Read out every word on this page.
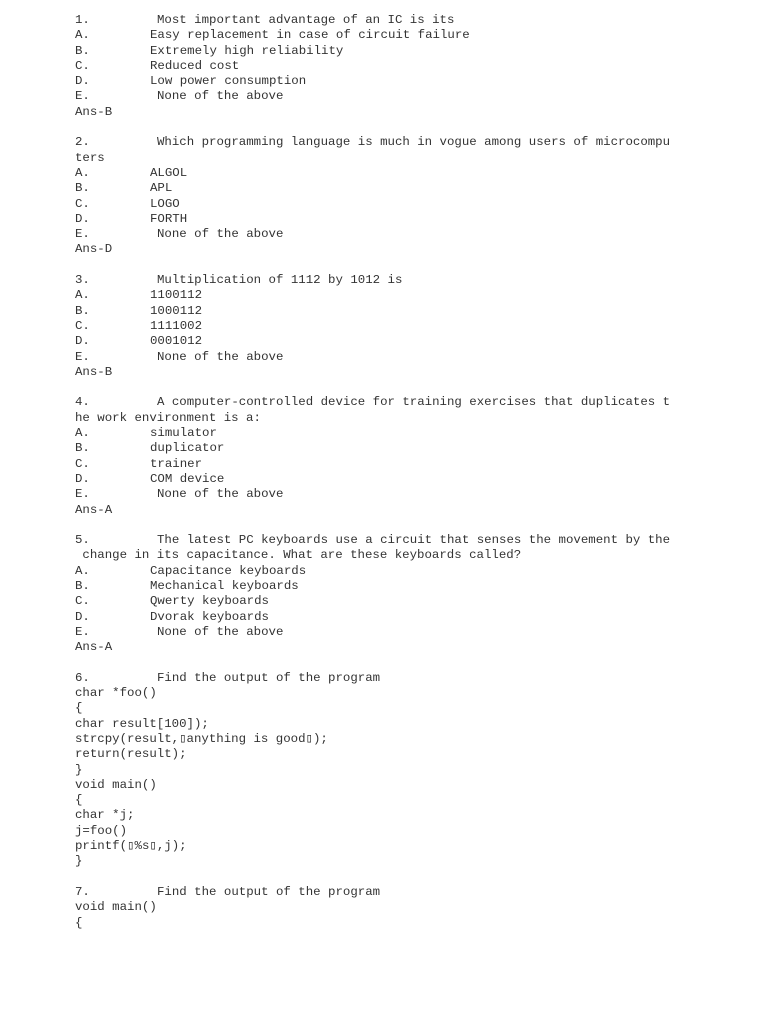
1.	Most important advantage of an IC is its
A.	Easy replacement in case of circuit failure
B.	Extremely high reliability
C.	Reduced cost
D.	Low power consumption
E.	None of the above
Ans-B
2.	Which programming language is much in vogue among users of microcompu
ters
A.	ALGOL
B.	APL
C.	LOGO
D.	FORTH
E.	None of the above
Ans-D
3.	Multiplication of 1112 by 1012 is
A.	1100112
B.	1000112
C.	1111002
D.	0001012
E.	None of the above
Ans-B
4.	A computer-controlled device for training exercises that duplicates t
he work environment is a:
A.	simulator
B.	duplicator
C.	trainer
D.	COM device
E.	None of the above
Ans-A
5.	The latest PC keyboards use a circuit that senses the movement by the
change in its capacitance. What are these keyboards called?
A.	Capacitance keyboards
B.	Mechanical keyboards
C.	Qwerty keyboards
D.	Dvorak keyboards
E.	None of the above
Ans-A
6.	Find the output of the program
char *foo()
{
char result[100]);
strcpy(result,▯anything is good▯);
return(result);
}
void main()
{
char *j;
j=foo()
printf(▯%s▯,j);
}
7.	Find the output of the program
void main()
{
